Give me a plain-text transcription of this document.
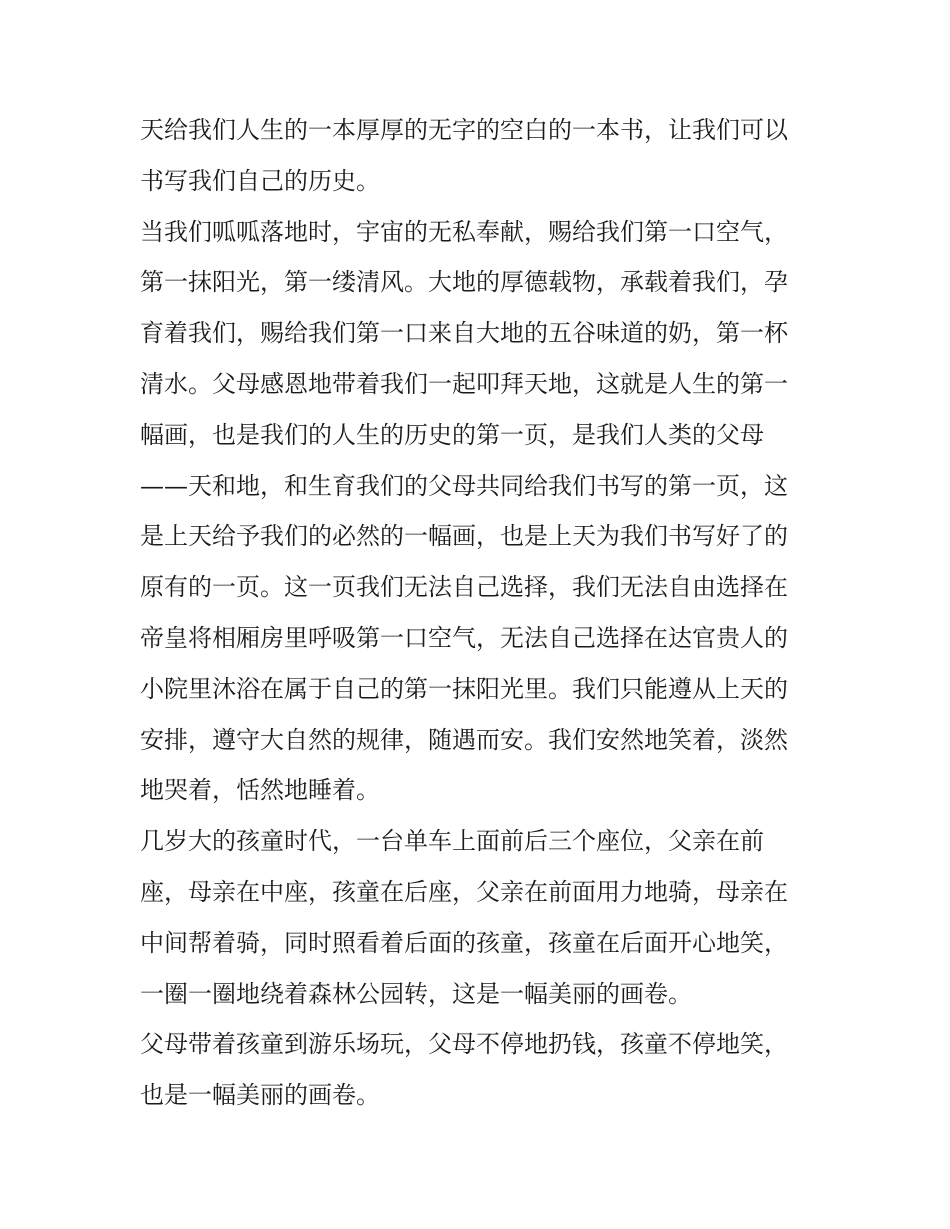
天给我们人生的一本厚厚的无字的空白的一本书，让我们可以
书写我们自己的历史。
当我们呱呱落地时，宇宙的无私奉献，赐给我们第一口空气，
第一抹阳光，第一缕清风。大地的厚德载物，承载着我们，孕
育着我们，赐给我们第一口来自大地的五谷味道的奶，第一杯
清水。父母感恩地带着我们一起叩拜天地，这就是人生的第一
幅画，也是我们的人生的历史的第一页，是我们人类的父母
——天和地，和生育我们的父母共同给我们书写的第一页，这
是上天给予我们的必然的一幅画，也是上天为我们书写好了的
原有的一页。这一页我们无法自己选择，我们无法自由选择在
帝皇将相厢房里呼吸第一口空气，无法自己选择在达官贵人的
小院里沐浴在属于自己的第一抹阳光里。我们只能遵从上天的
安排，遵守大自然的规律，随遇而安。我们安然地笑着，淡然
地哭着，恬然地睡着。
几岁大的孩童时代，一台单车上面前后三个座位，父亲在前
座，母亲在中座，孩童在后座，父亲在前面用力地骑，母亲在
中间帮着骑，同时照看着后面的孩童，孩童在后面开心地笑，
一圈一圈地绕着森林公园转，这是一幅美丽的画卷。
父母带着孩童到游乐场玩，父母不停地扔钱，孩童不停地笑，
也是一幅美丽的画卷。
